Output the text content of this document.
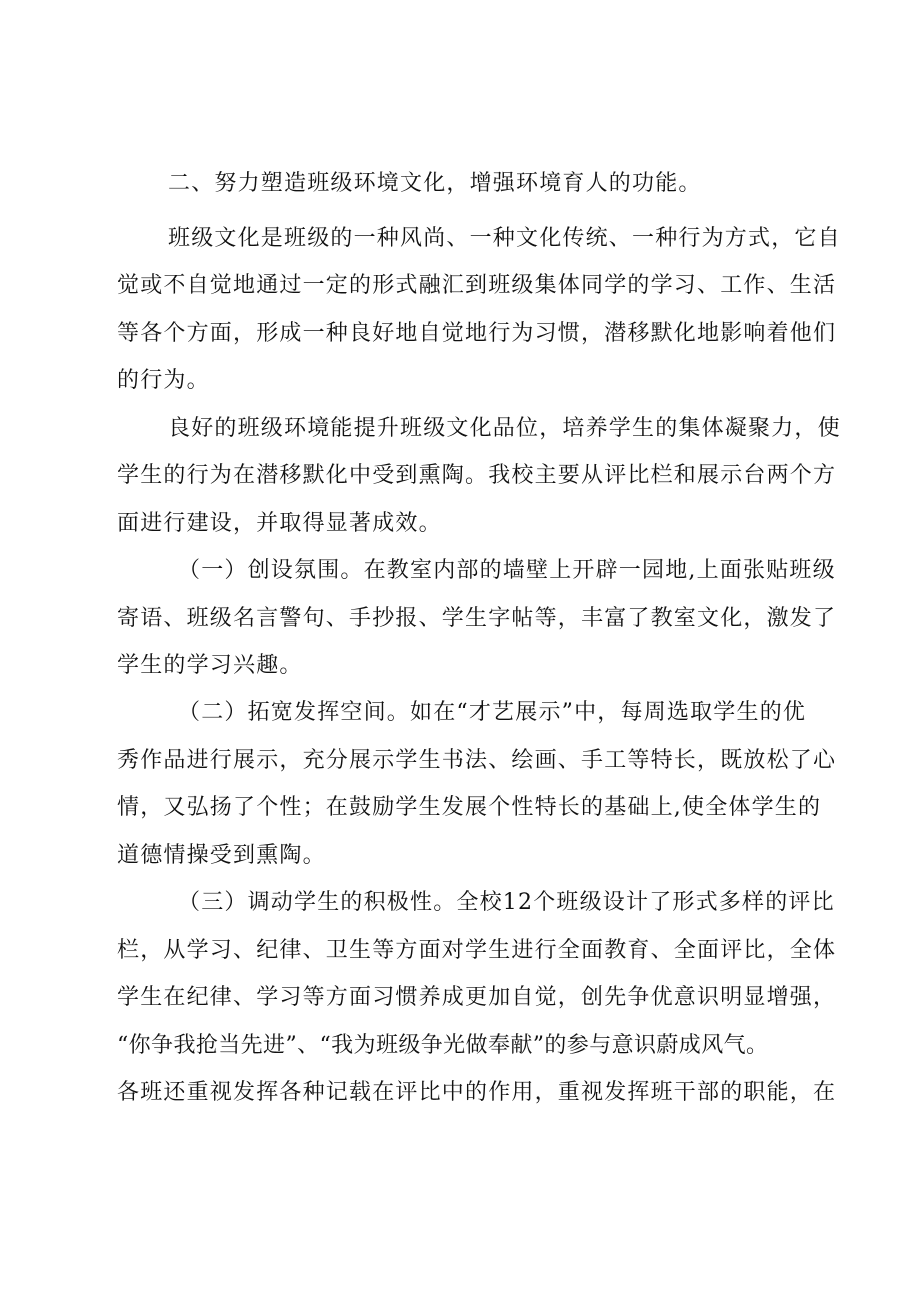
二、努力塑造班级环境文化，增强环境育人的功能。
班级文化是班级的一种风尚、一种文化传统、一种行为方式，它自
觉或不自觉地通过一定的形式融汇到班级集体同学的学习、工作、生活
等各个方面，形成一种良好地自觉地行为习惯，潜移默化地影响着他们
的行为。
良好的班级环境能提升班级文化品位，培养学生的集体凝聚力，使
学生的行为在潜移默化中受到熏陶。我校主要从评比栏和展示台两个方
面进行建设，并取得显著成效。
（一）创设氛围。在教室内部的墙壁上开辟一园地,上面张贴班级
寄语、班级名言警句、手抄报、学生字帖等，丰富了教室文化，激发了
学生的学习兴趣。
（二）拓宽发挥空间。如在“才艺展示”中，每周选取学生的优
秀作品进行展示，充分展示学生书法、绘画、手工等特长，既放松了心
情，又弘扬了个性；在鼓励学生发展个性特长的基础上,使全体学生的
道德情操受到熏陶。
（三）调动学生的积极性。全校12个班级设计了形式多样的评比
栏，从学习、纪律、卫生等方面对学生进行全面教育、全面评比，全体
学生在纪律、学习等方面习惯养成更加自觉，创先争优意识明显增强，
“你争我抢当先进”、“我为班级争光做奉献”的参与意识蔚成风气。
各班还重视发挥各种记载在评比中的作用，重视发挥班干部的职能，在
